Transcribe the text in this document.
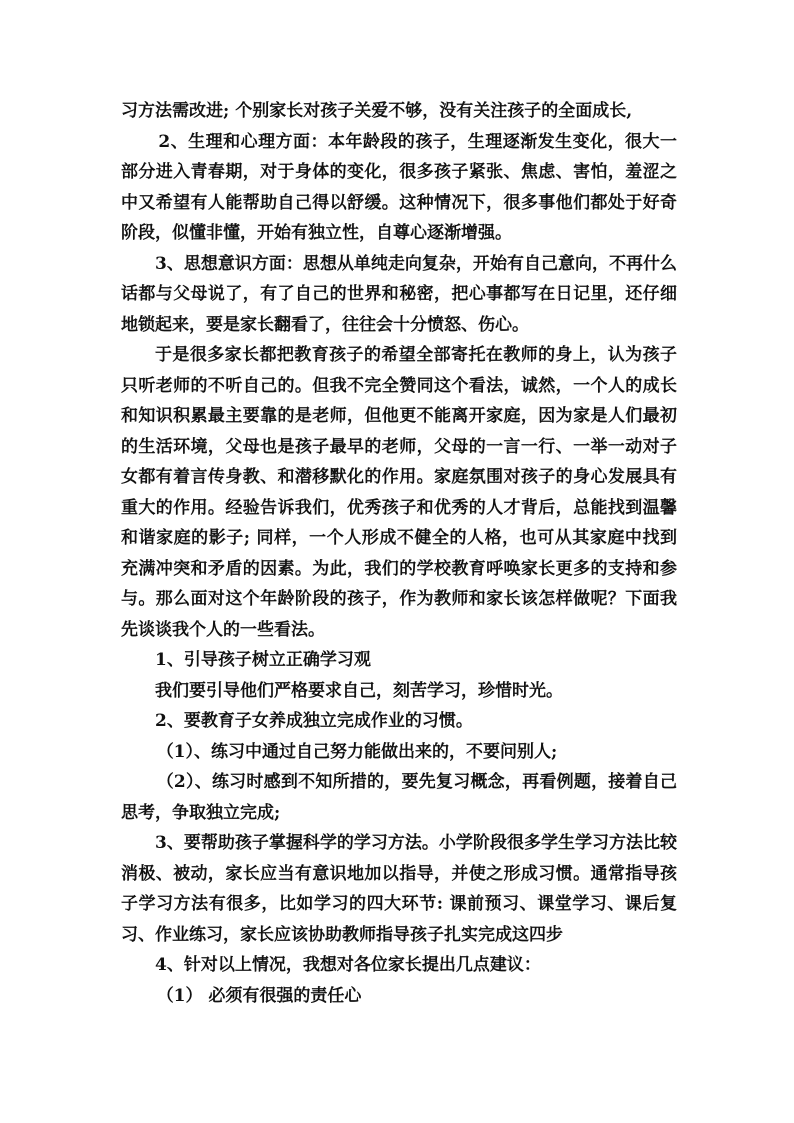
习方法需改进; 个别家长对孩子关爱不够，没有关注孩子的全面成长,

2、生理和心理方面：本年龄段的孩子，生理逐渐发生变化，很大一部分进入青春期，对于身体的变化，很多孩子紧张、焦虑、害怕，羞涩之中又希望有人能帮助自己得以舒缓。这种情况下，很多事他们都处于好奇阶段，似懂非懂，开始有独立性，自尊心逐渐增强。

3、思想意识方面：思想从单纯走向复杂，开始有自己意向，不再什么话都与父母说了，有了自己的世界和秘密，把心事都写在日记里，还仔细地锁起来，要是家长翻看了，往往会十分愤怒、伤心。

于是很多家长都把教育孩子的希望全部寄托在教师的身上，认为孩子只听老师的不听自己的。但我不完全赞同这个看法，诚然，一个人的成长和知识积累最主要靠的是老师，但他更不能离开家庭，因为家是人们最初的生活环境，父母也是孩子最早的老师，父母的一言一行、一举一动对子女都有着言传身教、和潜移默化的作用。家庭氛围对孩子的身心发展具有重大的作用。经验告诉我们，优秀孩子和优秀的人才背后，总能找到温馨和谐家庭的影子; 同样，一个人形成不健全的人格，也可从其家庭中找到充满冲突和矛盾的因素。为此，我们的学校教育呼唤家长更多的支持和参与。那么面对这个年龄阶段的孩子，作为教师和家长该怎样做呢？下面我先谈谈我个人的一些看法。

1、引导孩子树立正确学习观

我们要引导他们严格要求自己，刻苦学习，珍惜时光。

2、要教育子女养成独立完成作业的习惯。

（1）、练习中通过自己努力能做出来的，不要问别人;

（2）、练习时感到不知所措的，要先复习概念，再看例题，接着自己思考，争取独立完成;

3、要帮助孩子掌握科学的学习方法。小学阶段很多学生学习方法比较消极、被动，家长应当有意识地加以指导，并使之形成习惯。通常指导孩子学习方法有很多，比如学习的四大环节: 课前预习、课堂学习、课后复习、作业练习，家长应该协助教师指导孩子扎实完成这四步

4、针对以上情况，我想对各位家长提出几点建议：

（1） 必须有很强的责任心
